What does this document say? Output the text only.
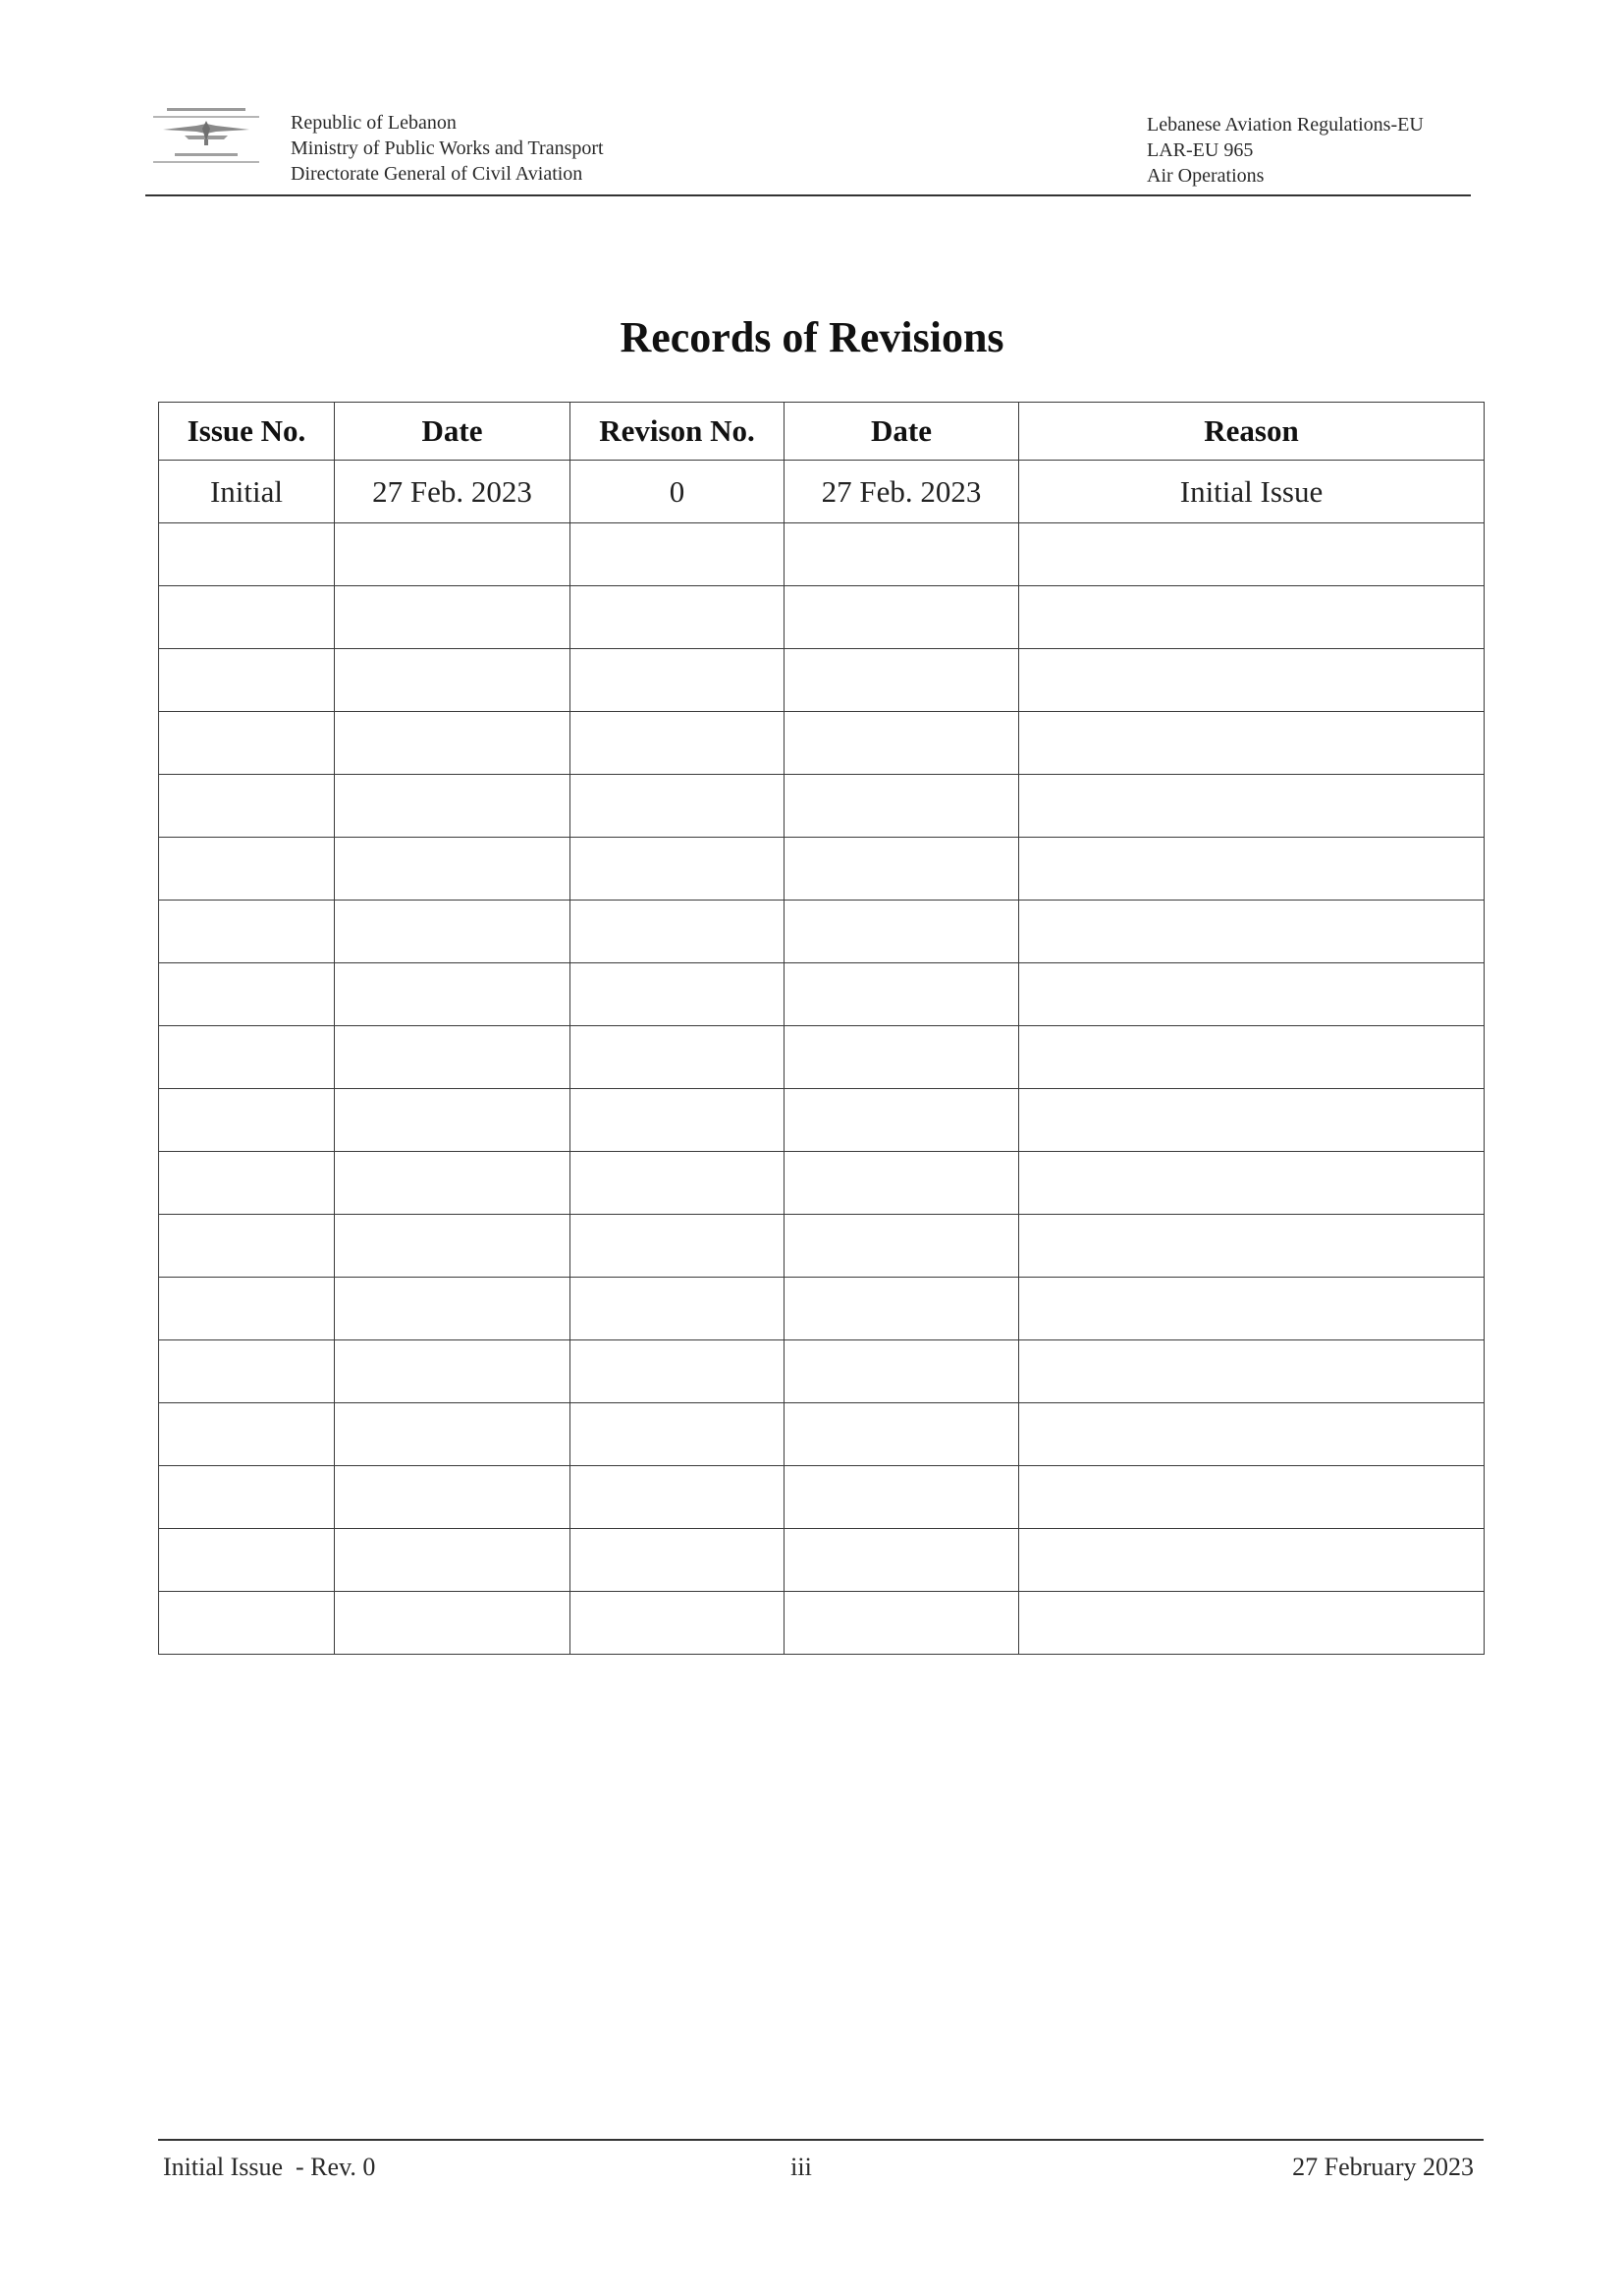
Republic of Lebanon
Ministry of Public Works and Transport
Directorate General of Civil Aviation
Lebanese Aviation Regulations-EU
LAR-EU 965
Air Operations
Records of Revisions
Issue No.	Date	Revison No.	Date	Reason
Initial	27 Feb. 2023	0	27 Feb. 2023	Initial Issue

Initial Issue  - Rev. 0	iii	27 February 2023
